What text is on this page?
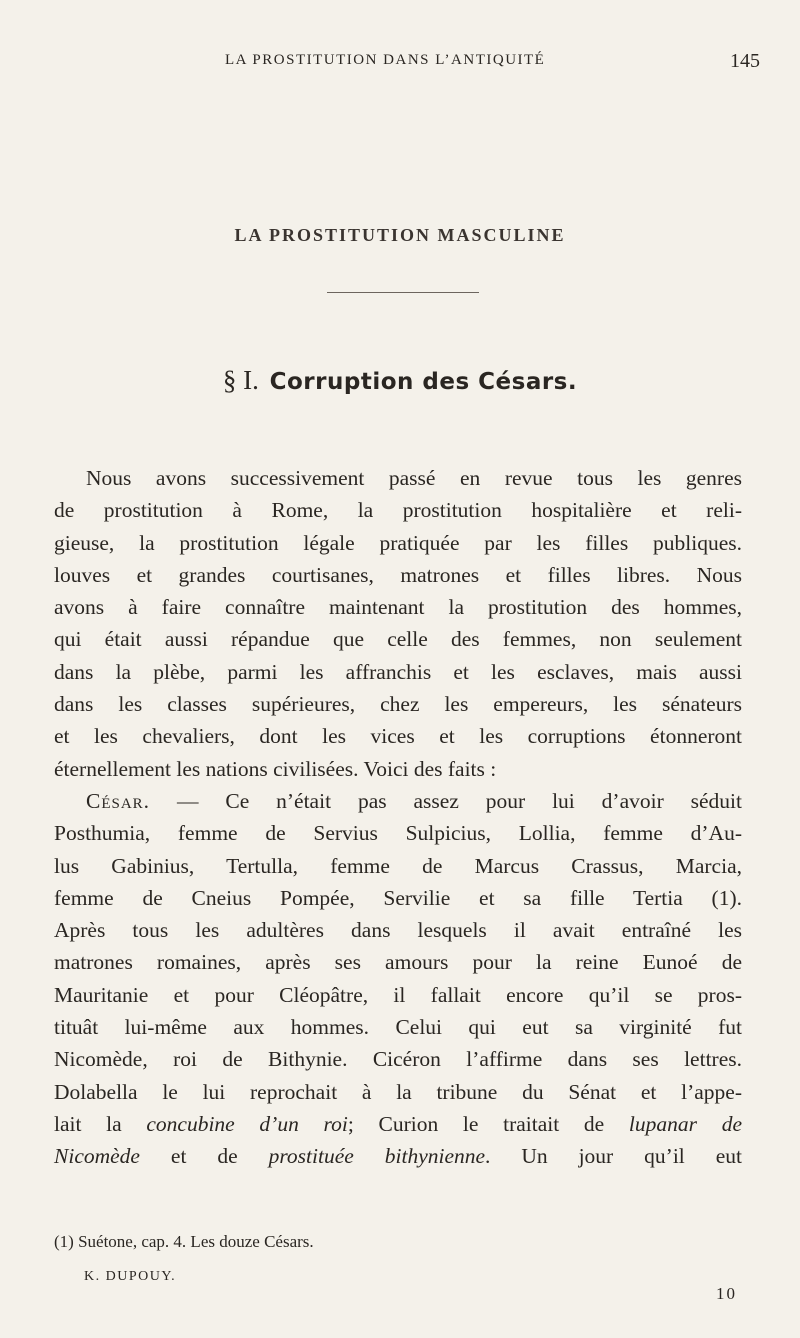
LA PROSTITUTION DANS L’ANTIQUITÉ	145
LA PROSTITUTION MASCULINE
§ I. Corruption des Césars.

Nous avons successivement passé en revue tous les genres
de prostitution à Rome, la prostitution hospitalière et reli-
gieuse, la prostitution légale pratiquée par les filles publiques.
louves et grandes courtisanes, matrones et filles libres. Nous
avons à faire connaître maintenant la prostitution des hommes,
qui était aussi répandue que celle des femmes, non seulement
dans la plèbe, parmi les affranchis et les esclaves, mais aussi
dans les classes supérieures, chez les empereurs, les sénateurs
et les chevaliers, dont les vices et les corruptions étonneront
éternellement les nations civilisées. Voici des faits :

César. — Ce n’était pas assez pour lui d’avoir séduit
Posthumia, femme de Servius Sulpicius, Lollia, femme d’Au-
lus Gabinius, Tertulla, femme de Marcus Crassus, Marcia,
femme de Cneius Pompée, Servilie et sa fille Tertia (1).
Après tous les adultères dans lesquels il avait entraîné les
matrones romaines, après ses amours pour la reine Eunoé de
Mauritanie et pour Cléopâtre, il fallait encore qu’il se pros-
tituât lui-même aux hommes. Celui qui eut sa virginité fut
Nicomède, roi de Bithynie. Cicéron l’affirme dans ses lettres.
Dolabella le lui reprochait à la tribune du Sénat et l’appe-
lait la concubine d’un roi; Curion le traitait de lupanar de
Nicomède et de prostituée bithynienne. Un jour qu’il eut

(1) Suétone, cap. 4. Les douze Césars.
K. DUPOUY.
10
